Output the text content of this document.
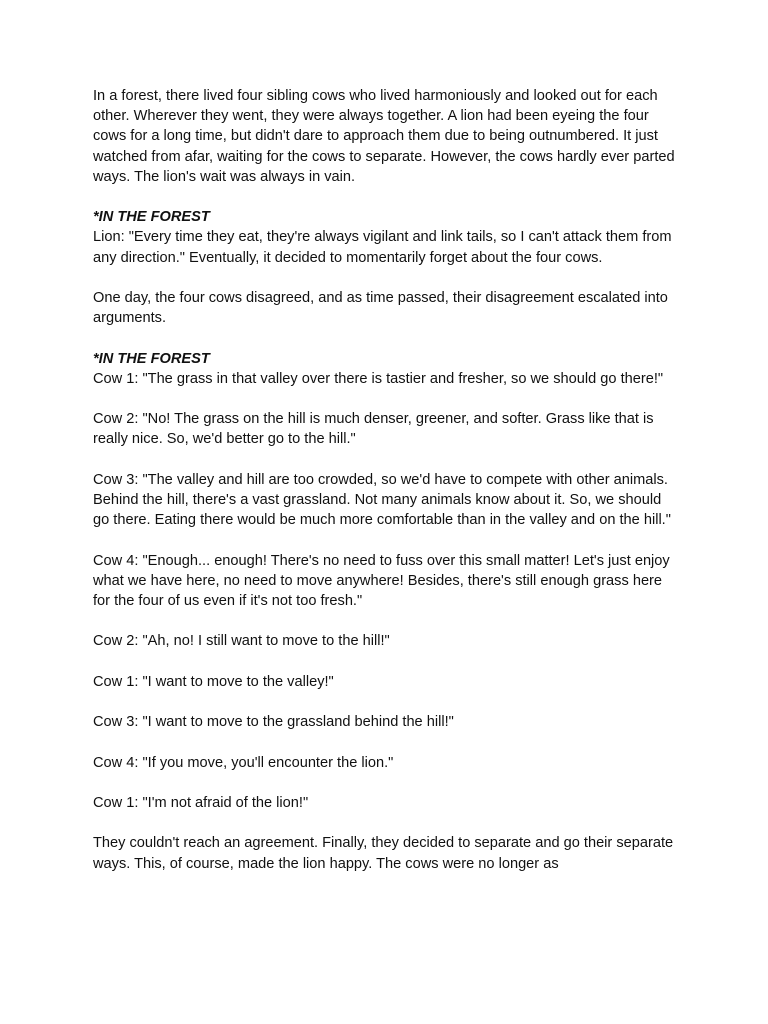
In a forest, there lived four sibling cows who lived harmoniously and looked out for each other. Wherever they went, they were always together. A lion had been eyeing the four cows for a long time, but didn't dare to approach them due to being outnumbered. It just watched from afar, waiting for the cows to separate. However, the cows hardly ever parted ways. The lion's wait was always in vain.

*IN THE FOREST

Lion: "Every time they eat, they're always vigilant and link tails, so I can't attack them from any direction." Eventually, it decided to momentarily forget about the four cows.

One day, the four cows disagreed, and as time passed, their disagreement escalated into arguments.

*IN THE FOREST

Cow 1: "The grass in that valley over there is tastier and fresher, so we should go there!"

Cow 2: "No! The grass on the hill is much denser, greener, and softer. Grass like that is really nice. So, we'd better go to the hill."

Cow 3: "The valley and hill are too crowded, so we'd have to compete with other animals. Behind the hill, there's a vast grassland. Not many animals know about it. So, we should go there. Eating there would be much more comfortable than in the valley and on the hill."

Cow 4: "Enough... enough! There's no need to fuss over this small matter! Let's just enjoy what we have here, no need to move anywhere! Besides, there's still enough grass here for the four of us even if it's not too fresh."

Cow 2: "Ah, no! I still want to move to the hill!"

Cow 1: "I want to move to the valley!"

Cow 3: "I want to move to the grassland behind the hill!"

Cow 4: "If you move, you'll encounter the lion."

Cow 1: "I'm not afraid of the lion!"

They couldn't reach an agreement. Finally, they decided to separate and go their separate ways. This, of course, made the lion happy. The cows were no longer as
